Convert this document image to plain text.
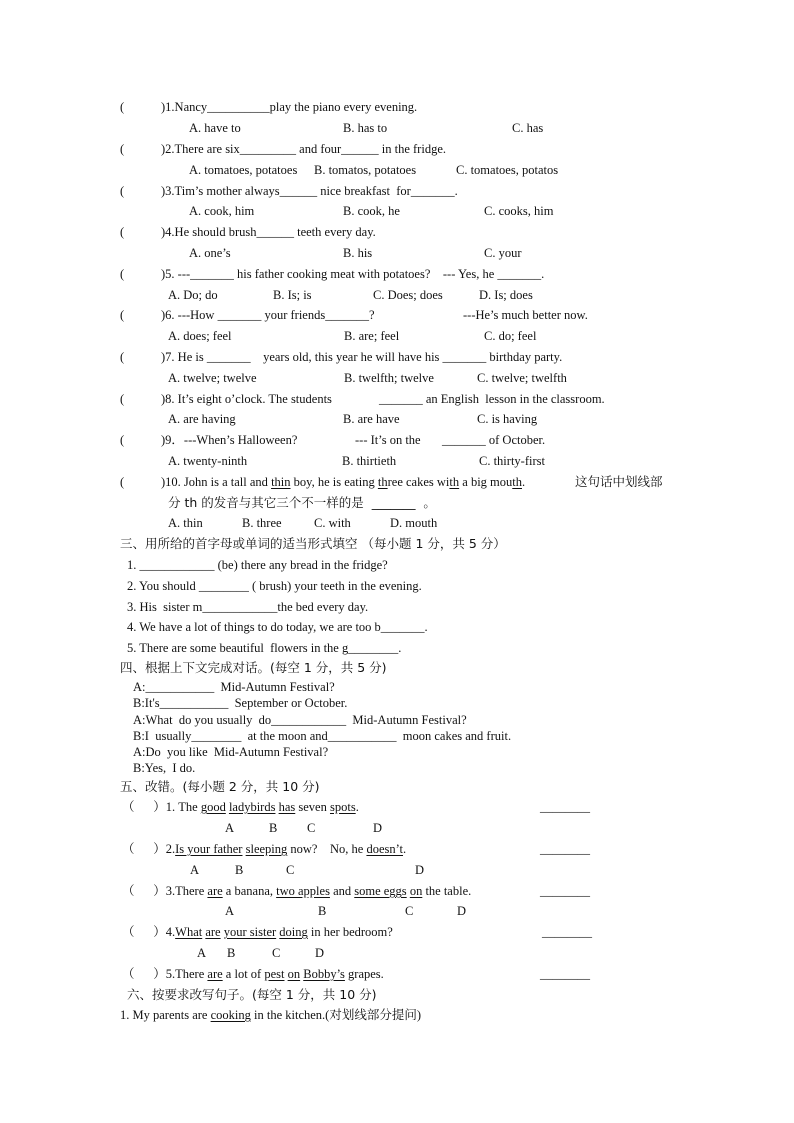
(	)1.Nancy__________play the piano every evening.
A. have to	B. has to	C. has
(	)2.There are six_________ and four______ in the fridge.
A. tomatoes, potatoes B. tomatos, potatoes	C. tomatoes, potatos
(	)3.Tim’s mother always______ nice breakfast  for_______.
A. cook, him	B. cook, he	C. cooks, him
(	)4.He should brush______ teeth every day.
A. one’s	B. his	C. your
(	)5. ---_______ his father cooking meat with potatoes?    --- Yes, he _______.
A. Do; do	B. Is; is	C. Does; does	D. Is; does
(	)6. ---How _______ your friends_______?	---He’s much better now.
A. does; feel	B. are; feel	C. do; feel
(	)7. He is _______    years old, this year he will have his _______ birthday party.
A. twelve; twelve	B. twelfth; twelve	C. twelve; twelfth
(	)8. It’s eight o’clock. The students	_______ an English  lesson in the classroom.
A. are having	B. are have	C. is having
(	)9．---When’s Halloween?	--- It’s on the _______ of October.
A. twenty-ninth	B. thirtieth	C. thirty-first
(	)10. John is a tall and thin boy, he is eating three cakes with a big mouth.	这句话中划线部
分 th 的发音与其它三个不一样的是  _______  。
A. thin	B. three	C. with	D. mouth
三、用所给的首字母或单词的适当形式填空 （每小题 1 分，共 5 分）
1. ____________ (be) there any bread in the fridge?
2. You should ________ ( brush) your teeth in the evening.
3. His  sister m____________the bed every day.
4. We have a lot of things to do today, we are too b_______.
5. There are some beautiful  flowers in the g________.
四、根据上下文完成对话。(每空 1 分，共 5 分)
A:___________  Mid-Autumn Festival?
B:It's___________  September or October.
A:What  do you usually  do____________  Mid-Autumn Festival?
B:I  usually________  at the moon and___________  moon cakes and fruit.
A:Do  you like  Mid-Autumn Festival?
B:Yes,  I do.
五、改错。(每小题 2 分，共 10 分)
（      ）1. The good ladybirds has seven spots.	________
A	B C	D
（      ）2.Is your father sleeping now?    No, he doesn’t.	________
A	B	C	D
（      ）3.There are a banana, two apples and some eggs on the table.	________
A	B	C	D
（      ）4.What are your sister doing in her bedroom?	________
A B	C	D
（      ）5.There are a lot of pest on Bobby’s grapes.	________
六、按要求改写句子。(每空 1 分，共 10 分)
1. My parents are cooking in the kitchen.(对划线部分提问)
